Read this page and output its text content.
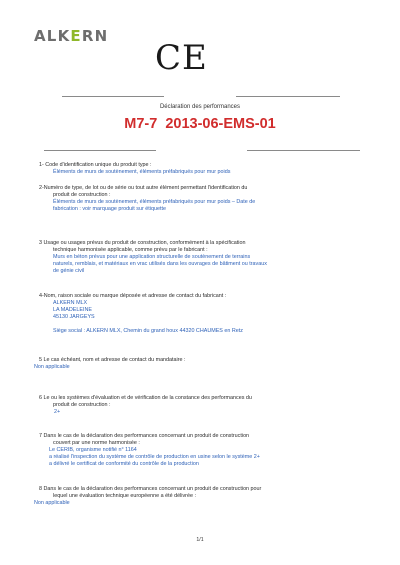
ALKERN
CE
Déclaration des performances
M7-7 2013-06-EMS-01
1- Code d'identification unique du produit type :
Éléments de murs de soutènement, éléments préfabriqués pour mur poids
2-Numéro de type, de lot ou de série ou tout autre élément permettant l'identification du
produit de construction :
Éléments de murs de soutènement, éléments préfabriqués pour mur poids – Date de
fabrication : voir marquage produit sur étiquette
3 Usage ou usages prévus du produit de construction, conformément à la spécification
technique harmonisée applicable, comme prévu par le fabricant :
Murs en béton prévus pour une application structurelle de soutènement de terrains
naturels, remblais, et matériaux en vrac utilisés dans les ouvrages de bâtiment ou travaux
de génie civil
4-Nom, raison sociale ou marque déposée et adresse de contact du fabricant :
ALKERN MLX
LA MADELEINE
45130 JARGEYS
Siège social : ALKERN MLX, Chemin du grand houx 44320 CHAUMES en Retz
5 Le cas échéant, nom et adresse de contact du mandataire :
Non applicable
6 Le ou les systèmes d'évaluation et de vérification de la constance des performances du
produit de construction :
2+
7 Dans le cas de la déclaration des performances concernant un produit de construction
couvert par une norme harmonisée :
Le CERIB, organisme notifié n° 1164
a réalisé l'inspection du système de contrôle de production en usine selon le système 2+
a délivré le certificat de conformité du contrôle de la production
8 Dans le cas de la déclaration des performances concernant un produit de construction pour
lequel une évaluation technique européenne a été délivrée :
Non applicable
1/1
